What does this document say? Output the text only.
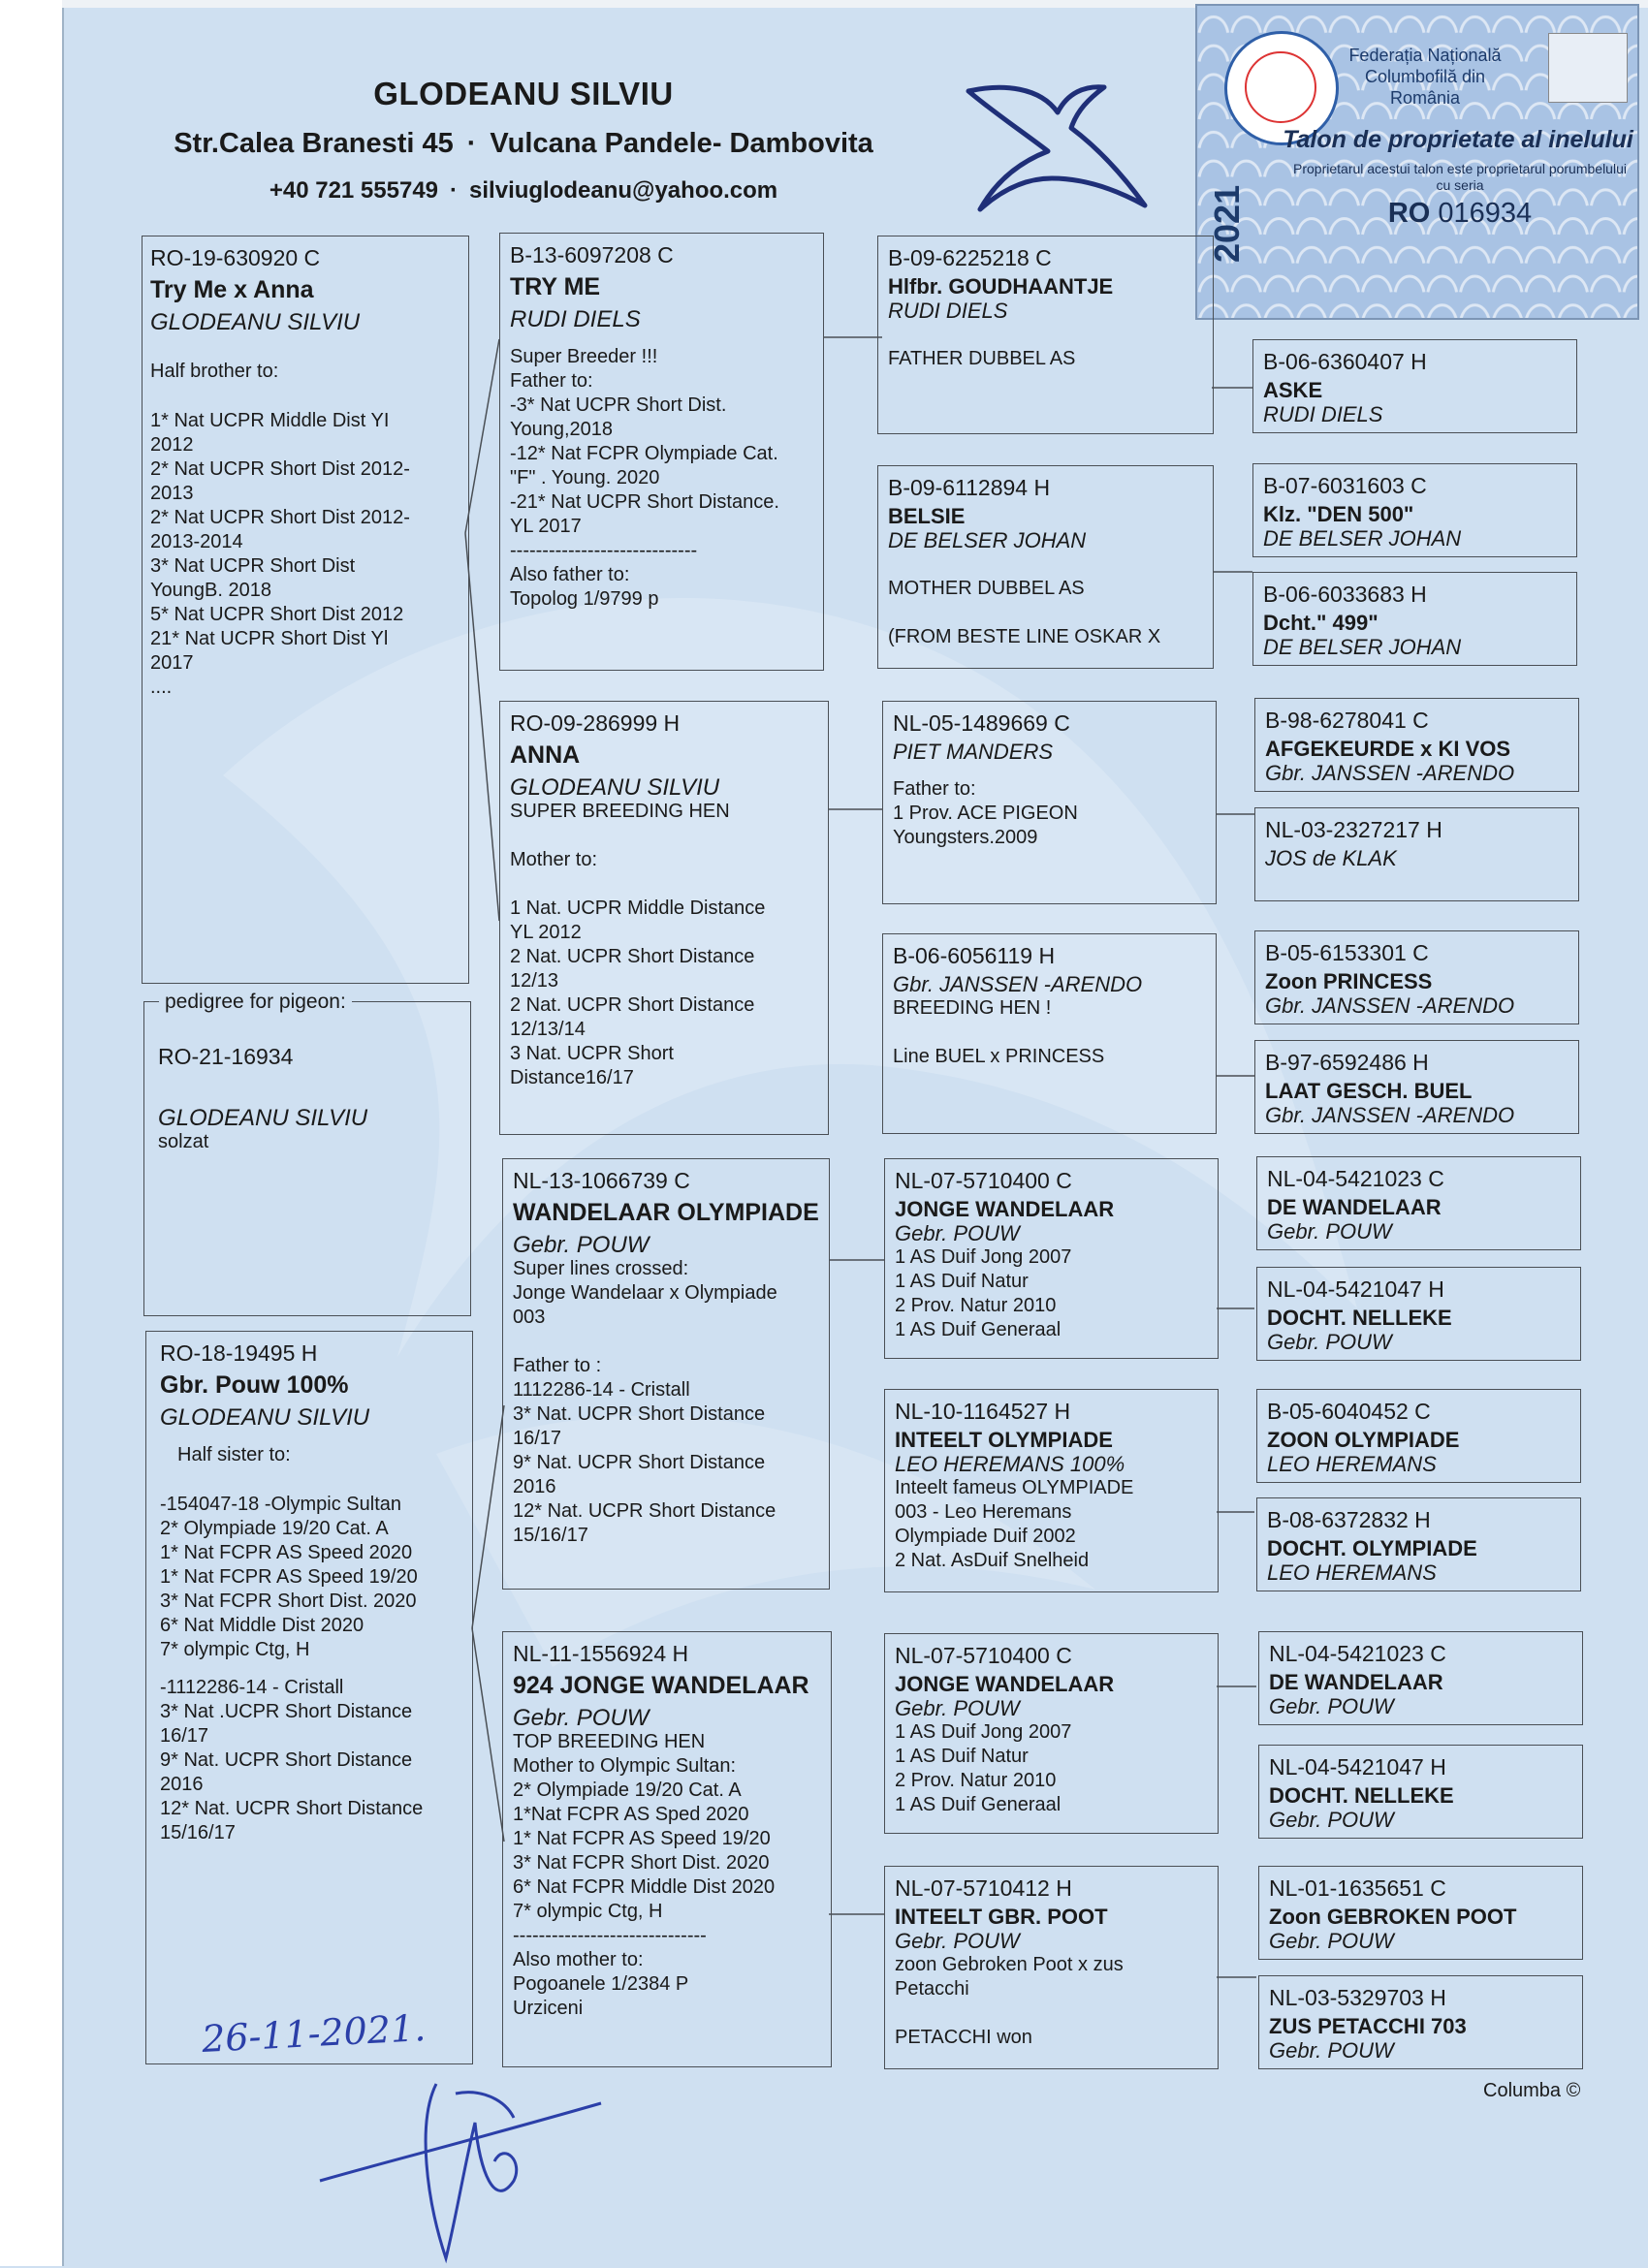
GLODEANU SILVIU
Str.Calea Branesti 45 · Vulcana Pandele- Dambovita
+40 721 555749 · silviuglodeanu@yahoo.com
Federația Națională Columbofilă din România
2021
Talon de proprietate al inelului
Proprietarul acestui talon este proprietarul porumbelului cu seria
RO 016934
RO-19-630920 C
Try Me x Anna
GLODEANU SILVIU
Half brother to:
1* Nat UCPR Middle Dist YI
2012
2* Nat UCPR Short Dist 2012-
2013
2* Nat UCPR Short Dist 2012-
2013-2014
3* Nat UCPR Short Dist
YoungB. 2018
5* Nat UCPR Short Dist 2012
21* Nat UCPR Short Dist Yl
2017
....
RO-21-16934
GLODEANU SILVIU
solzat
pedigree for pigeon:
RO-18-19495 H
Gbr. Pouw 100%
GLODEANU SILVIU
Half sister to:
-154047-18 -Olympic Sultan
2* Olympiade 19/20 Cat. A
1* Nat FCPR AS Speed 2020
1* Nat FCPR AS Speed 19/20
3* Nat FCPR Short Dist. 2020
6* Nat Middle Dist 2020
7* olympic Ctg, H
-1112286-14 - Cristall
3* Nat .UCPR Short Distance
16/17
9* Nat. UCPR Short Distance
2016
12* Nat. UCPR Short Distance
15/16/17
B-13-6097208 C
TRY ME
RUDI DIELS
Super Breeder !!!
Father to:
-3* Nat UCPR Short Dist.
Young,2018
-12* Nat FCPR Olympiade Cat.
"F" . Young. 2020
-21* Nat UCPR Short Distance.
YL 2017
-----------------------------
Also father to:
Topolog 1/9799 p
RO-09-286999 H
ANNA
GLODEANU SILVIU
SUPER BREEDING HEN

Mother to:

1 Nat. UCPR Middle Distance
YL 2012
2 Nat. UCPR Short Distance
12/13
2 Nat. UCPR Short Distance
12/13/14
3 Nat. UCPR Short
Distance16/17
NL-13-1066739 C
WANDELAAR OLYMPIADE
Gebr. POUW
Super lines crossed:
Jonge Wandelaar x Olympiade
003

Father to :
1112286-14 - Cristall
3* Nat. UCPR Short Distance
16/17
9* Nat. UCPR Short Distance
2016
12* Nat. UCPR Short Distance
15/16/17
NL-11-1556924 H
924 JONGE WANDELAAR
Gebr. POUW
TOP BREEDING HEN
Mother to Olympic Sultan:
2* Olympiade 19/20 Cat. A
1*Nat FCPR AS Sped 2020
1* Nat FCPR AS Speed 19/20
3* Nat FCPR Short Dist. 2020
6* Nat FCPR Middle Dist 2020
7* olympic Ctg, H
------------------------------
Also mother to:
Pogoanele 1/2384 P
Urziceni
B-09-6225218 C
Hlfbr. GOUDHAANTJE
RUDI DIELS

FATHER DUBBEL AS
B-09-6112894 H
BELSIE
DE BELSER JOHAN

MOTHER DUBBEL AS

(FROM BESTE LINE OSKAR X
NL-05-1489669 C
PIET MANDERS
Father to:
1 Prov. ACE PIGEON
Youngsters.2009
B-06-6056119 H
Gbr. JANSSEN -ARENDO
BREEDING HEN !

Line BUEL x PRINCESS
NL-07-5710400 C
JONGE WANDELAAR
Gebr. POUW
1 AS Duif Jong 2007
1 AS Duif Natur
2 Prov. Natur 2010
1 AS Duif Generaal
NL-10-1164527 H
INTEELT OLYMPIADE
LEO HEREMANS 100%
Inteelt fameus OLYMPIADE
003 - Leo Heremans
Olympiade Duif 2002
2 Nat. AsDuif Snelheid
NL-07-5710400 C
JONGE WANDELAAR
Gebr. POUW
1 AS Duif Jong 2007
1 AS Duif Natur
2 Prov. Natur 2010
1 AS Duif Generaal
NL-07-5710412 H
INTEELT GBR. POOT
Gebr. POUW
zoon Gebroken Poot x zus
Petacchi

PETACCHI won
B-06-6360407 H
ASKE
RUDI DIELS
B-07-6031603 C
Klz. "DEN 500"
DE BELSER JOHAN
B-06-6033683 H
Dcht." 499"
DE BELSER JOHAN
B-98-6278041 C
AFGEKEURDE x KI VOS
Gbr. JANSSEN -ARENDO
NL-03-2327217 H
JOS de KLAK
B-05-6153301 C
Zoon PRINCESS
Gbr. JANSSEN -ARENDO
B-97-6592486 H
LAAT GESCH. BUEL
Gbr. JANSSEN -ARENDO
NL-04-5421023 C
DE WANDELAAR
Gebr. POUW
NL-04-5421047 H
DOCHT. NELLEKE
Gebr. POUW
B-05-6040452 C
ZOON OLYMPIADE
LEO HEREMANS
B-08-6372832 H
DOCHT. OLYMPIADE
LEO HEREMANS
NL-04-5421023 C
DE WANDELAAR
Gebr. POUW
NL-04-5421047 H
DOCHT. NELLEKE
Gebr. POUW
NL-01-1635651 C
Zoon GEBROKEN POOT
Gebr. POUW
NL-03-5329703 H
ZUS PETACCHI 703
Gebr. POUW
26-11-2021.
Columba ©
